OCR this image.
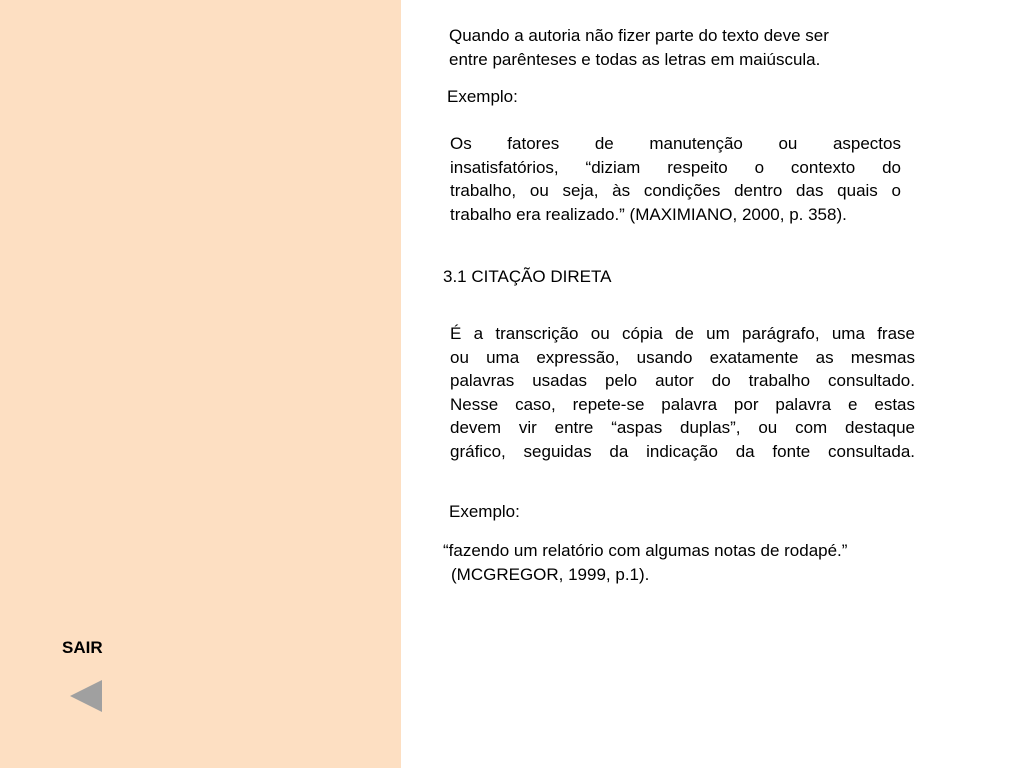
SAIR
Quando a autoria não fizer parte do texto deve ser
entre parênteses e todas as letras em maiúscula.
Exemplo:
Os fatores de manutenção ou aspectos
insatisfatórios, “diziam respeito o contexto do
trabalho, ou seja, às condições dentro das quais o
trabalho era realizado.” (MAXIMIANO, 2000, p. 358).
3.1 CITAÇÃO DIRETA
É a transcrição ou cópia de um parágrafo, uma frase
ou uma expressão, usando exatamente as mesmas
palavras usadas pelo autor do trabalho consultado.
Nesse caso, repete-se palavra por palavra e estas
devem vir entre “aspas duplas”, ou com destaque
gráfico, seguidas da indicação da fonte consultada.
Exemplo:
“fazendo um relatório com algumas notas de rodapé.”
(MCGREGOR, 1999, p.1).
